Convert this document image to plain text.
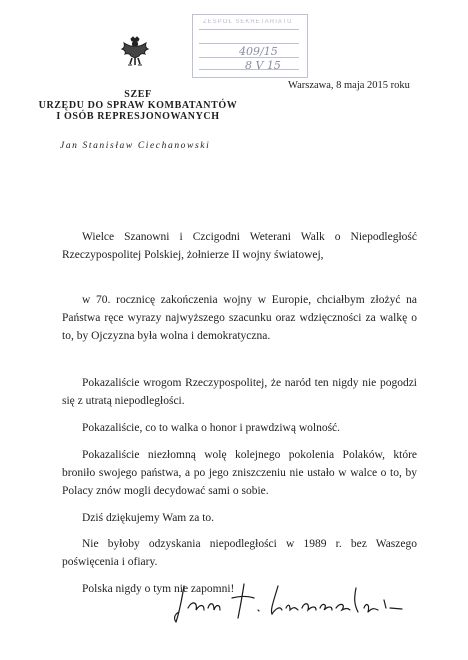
ZESPÓŁ SEKRETARIATU
409/15
8 V 15
SZEF
URZĘDU DO SPRAW KOMBATANTÓW
I OSÓB REPRESJONOWANYCH
Warszawa, 8 maja 2015 roku
Jan Stanisław Ciechanowski
Wielce Szanowni i Czcigodni Weterani Walk o Niepodległość Rzeczypospolitej Polskiej, żołnierze II wojny światowej,
w 70. rocznicę zakończenia wojny w Europie, chciałbym złożyć na Państwa ręce wyrazy najwyższego szacunku oraz wdzięczności za walkę o to, by Ojczyzna była wolna i demokratyczna.
Pokazaliście wrogom Rzeczypospolitej, że naród ten nigdy nie pogodzi się z utratą niepodległości.
Pokazaliście, co to walka o honor i prawdziwą wolność.
Pokazaliście niezłomną wolę kolejnego pokolenia Polaków, które broniło swojego państwa, a po jego zniszczeniu nie ustało w walce o to, by Polacy znów mogli decydować sami o sobie.
Dziś dziękujemy Wam za to.
Nie byłoby odzyskania niepodległości w 1989 r. bez Waszego poświęcenia i ofiary.
Polska nigdy o tym nie zapomni!
